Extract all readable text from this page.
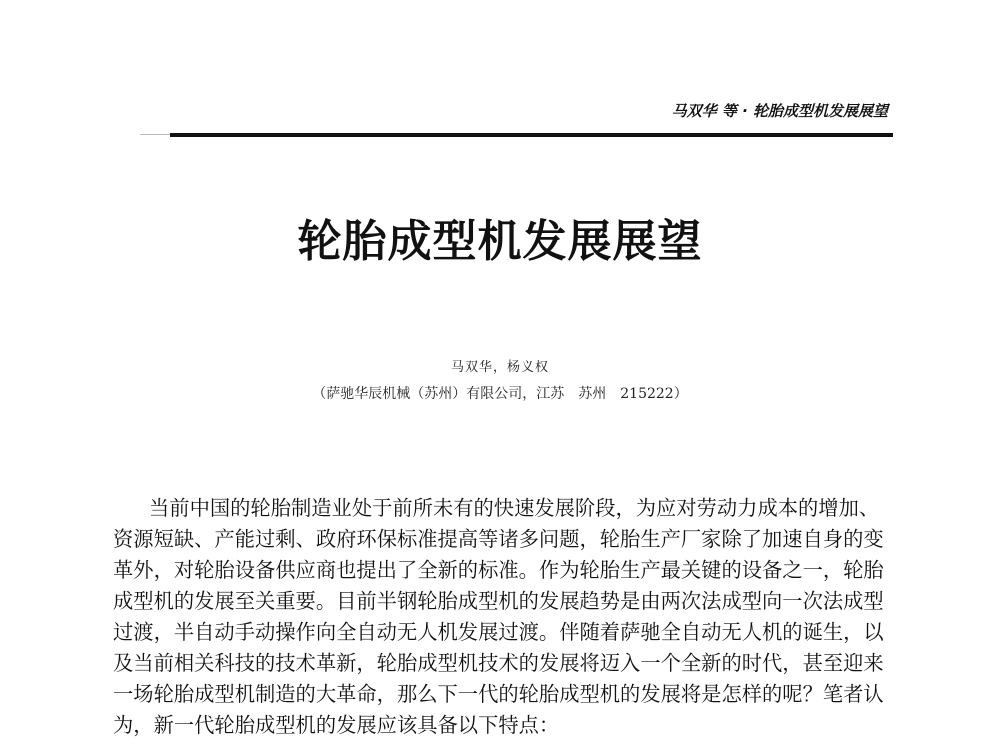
马双华 等 · 轮胎成型机发展展望
轮胎成型机发展展望
马双华，杨义权
（萨驰华辰机械（苏州）有限公司，江苏　苏州　215222）
当前中国的轮胎制造业处于前所未有的快速发展阶段，为应对劳动力成本的增加、
资源短缺、产能过剩、政府环保标准提高等诸多问题，轮胎生产厂家除了加速自身的变
革外，对轮胎设备供应商也提出了全新的标准。作为轮胎生产最关键的设备之一，轮胎
成型机的发展至关重要。目前半钢轮胎成型机的发展趋势是由两次法成型向一次法成型
过渡，半自动手动操作向全自动无人机发展过渡。伴随着萨驰全自动无人机的诞生，以
及当前相关科技的技术革新，轮胎成型机技术的发展将迈入一个全新的时代，甚至迎来
一场轮胎成型机制造的大革命，那么下一代的轮胎成型机的发展将是怎样的呢？笔者认
为，新一代轮胎成型机的发展应该具备以下特点：
